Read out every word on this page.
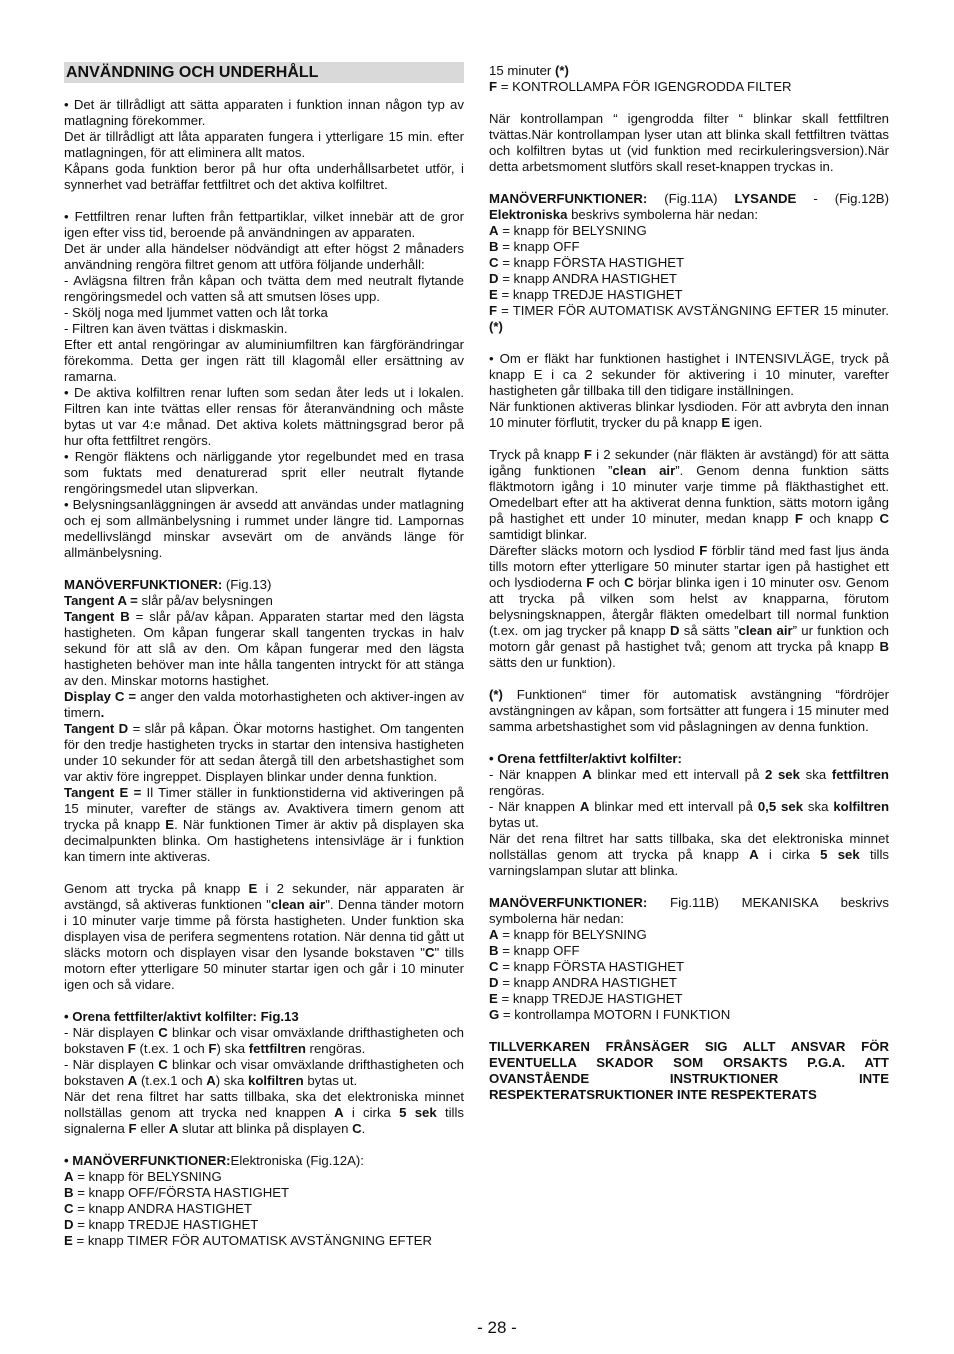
ANVÄNDNING OCH UNDERHÅLL

• Det är tillrådligt att sätta apparaten i funktion innan någon typ av matlagning förekommer.

Det är tillrådligt att låta apparaten fungera i ytterligare 15 min. efter matlagningen, för att eliminera allt matos.

Kåpans goda funktion beror på hur ofta underhållsarbetet utför, i synnerhet vad beträffar fettfiltret och det aktiva kolfiltret.

• Fettfiltren renar luften från fettpartiklar, vilket innebär att de gror igen efter viss tid, beroende på användningen av apparaten.

Det är under alla händelser nödvändigt att efter högst 2 månaders användning rengöra filtret genom att utföra följande underhåll:

- Avlägsna filtren från kåpan och tvätta dem med neutralt flytande rengöringsmedel och vatten så att smutsen löses upp.

- Skölj noga med ljummet vatten och låt torka

- Filtren kan även tvättas i diskmaskin.

Efter ett antal rengöringar av aluminiumfiltren kan färgförändringar förekomma. Detta ger ingen rätt till klagomål eller ersättning av ramarna.

• De aktiva kolfiltren renar luften som sedan åter leds ut i lokalen. Filtren kan inte tvättas eller rensas för återanvändning och måste bytas ut var 4:e månad. Det aktiva kolets mättningsgrad beror på hur ofta fettfiltret rengörs.

• Rengör fläktens och närliggande ytor regelbundet med en trasa som fuktats med denaturerad sprit eller neutralt flytande rengöringsmedel utan slipverkan.

• Belysningsanläggningen är avsedd att användas under matlagning och ej som allmänbelysning i rummet under längre tid. Lampornas medellivslängd minskar avsevärt om de används länge för allmänbelysning.

MANÖVERFUNKTIONER: (Fig.13)

Tangent A = slår på/av belysningen

Tangent B = slår på/av kåpan. Apparaten startar med den lägsta hastigheten. Om kåpan fungerar skall tangenten tryckas in halv sekund för att slå av den. Om kåpan fungerar med den lägsta hastigheten behöver man inte hålla tangenten intryckt för att stänga av den. Minskar motorns hastighet.

Display C = anger den valda motorhastigheten och aktiver-ingen av timern.

Tangent D = slår på kåpan. Ökar motorns hastighet. Om tangenten för den tredje hastigheten trycks in startar den intensiva hastigheten under 10 sekunder för att sedan återgå till den arbetshastighet som var aktiv före ingreppet. Displayen blinkar under denna funktion.

Tangent E = Il Timer ställer in funktionstiderna vid aktiveringen på 15 minuter, varefter de stängs av. Avaktivera timern genom att trycka på knapp E. När funktionen Timer är aktiv på displayen ska decimalpunkten blinka. Om hastighetens intensivläge är i funktion kan timern inte aktiveras.

Genom att trycka på knapp E i 2 sekunder, när apparaten är avstängd, så aktiveras funktionen "clean air". Denna tänder motorn i 10 minuter varje timme på första hastigheten. Under funktion ska displayen visa de perifera segmentens rotation. När denna tid gått ut släcks motorn och displayen visar den lysande bokstaven "C" tills motorn efter ytterligare 50 minuter startar igen och går i 10 minuter igen och så vidare.

• Orena fettfilter/aktivt kolfilter: Fig.13

- När displayen C blinkar och visar omväxlande drifthastigheten och bokstaven F (t.ex. 1 och F) ska fettfiltren rengöras.

- När displayen C blinkar och visar omväxlande drifthastigheten och bokstaven A (t.ex.1 och A) ska kolfiltren bytas ut.

När det rena filtret har satts tillbaka, ska det elektroniska minnet nollställas genom att trycka ned knappen A i cirka 5 sek tills signalerna F eller A slutar att blinka på displayen C.

• MANÖVERFUNKTIONER:Elektroniska (Fig.12A):

A = knapp för BELYSNING

B = knapp OFF/FÖRSTA HASTIGHET

C = knapp ANDRA HASTIGHET

D = knapp TREDJE HASTIGHET

E = knapp TIMER FÖR AUTOMATISK AVSTÄNGNING EFTER

15 minuter (*)

F = KONTROLLAMPA FÖR IGENGRODDA FILTER

När kontrollampan “ igengrodda filter “ blinkar skall fettfiltren tvättas.När kontrollampan lyser utan att blinka skall fettfiltren tvättas och kolfiltren bytas ut (vid funktion med recirkuleringsversion).När detta arbetsmoment slutförs skall reset-knappen tryckas in.

MANÖVERFUNKTIONER: (Fig.11A) LYSANDE - (Fig.12B) Elektroniska beskrivs symbolerna här nedan:

A = knapp för BELYSNING

B = knapp OFF

C = knapp FÖRSTA HASTIGHET

D = knapp ANDRA HASTIGHET

E = knapp TREDJE HASTIGHET

F = TIMER FÖR AUTOMATISK AVSTÄNGNING EFTER 15 minuter. (*)

• Om er fläkt har funktionen hastighet i INTENSIVLÄGE, tryck på knapp E i ca 2 sekunder för aktivering i 10 minuter, varefter hastigheten går tillbaka till den tidigare inställningen.

När funktionen aktiveras blinkar lysdioden. För att avbryta den innan 10 minuter förflutit, trycker du på knapp E igen.

Tryck på knapp F i 2 sekunder (när fläkten är avstängd) för att sätta igång funktionen ”clean air”. Genom denna funktion sätts fläktmotorn igång i 10 minuter varje timme på fläkthastighet ett. Omedelbart efter att ha aktiverat denna funktion, sätts motorn igång på hastighet ett under 10 minuter, medan knapp F och knapp C samtidigt blinkar.

Därefter släcks motorn och lysdiod F förblir tänd med fast ljus ända tills motorn efter ytterligare 50 minuter startar igen på hastighet ett och lysdioderna F och C börjar blinka igen i 10 minuter osv. Genom att trycka på vilken som helst av knapparna, förutom belysningsknappen, återgår fläkten omedelbart till normal funktion (t.ex. om jag trycker på knapp D så sätts ”clean air” ur funktion och motorn går genast på hastighet två; genom att trycka på knapp B sätts den ur funktion).

(*) Funktionen“ timer för automatisk avstängning “fördröjer avstängningen av kåpan, som fortsätter att fungera i 15 minuter med samma arbetshastighet som vid påslagningen av denna funktion.

• Orena fettfilter/aktivt kolfilter:

- När knappen A blinkar med ett intervall på 2 sek ska fettfiltren rengöras.

- När knappen A blinkar med ett intervall på 0,5 sek ska kolfiltren bytas ut.

När det rena filtret har satts tillbaka, ska det elektroniska minnet nollställas genom att trycka på knapp A i cirka 5 sek tills varningslampan slutar att blinka.

MANÖVERFUNKTIONER: Fig.11B) MEKANISKA beskrivs symbolerna här nedan:

A = knapp för BELYSNING

B = knapp OFF

C = knapp FÖRSTA HASTIGHET

D = knapp ANDRA HASTIGHET

E = knapp TREDJE HASTIGHET

G = kontrollampa MOTORN I FUNKTION

TILLVERKAREN FRÅNSÄGER SIG ALLT ANSVAR FÖR EVENTUELLA SKADOR SOM ORSAKTS P.G.A. ATT OVANSTÅENDE INSTRUKTIONER INTE RESPEKTERATSRUKTIONER INTE RESPEKTERATS

- 28 -
